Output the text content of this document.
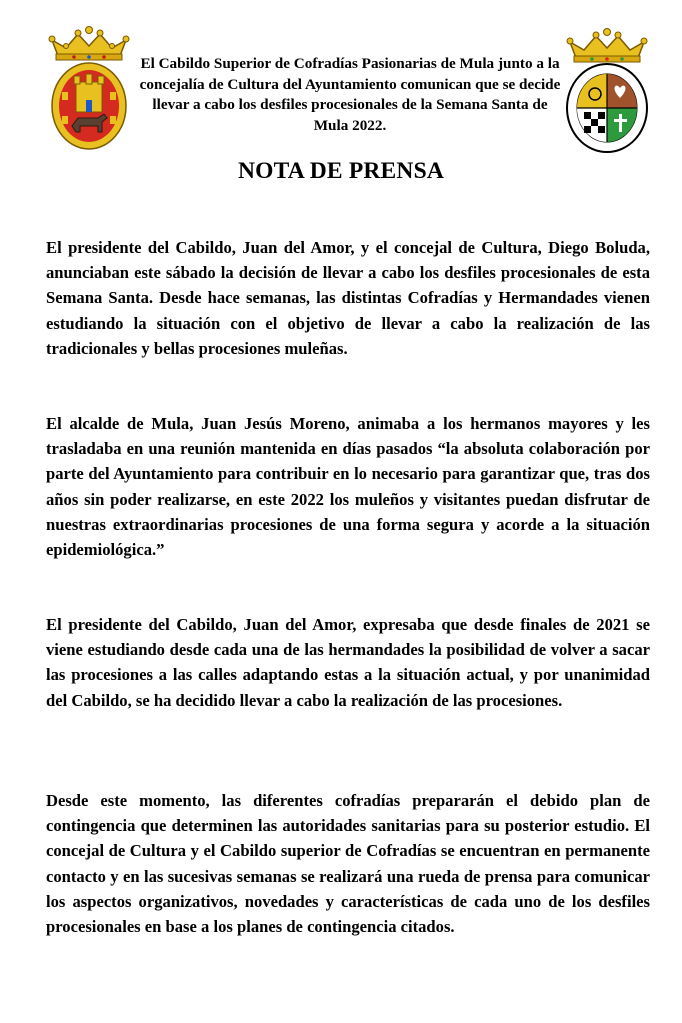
El Cabildo Superior de Cofradías Pasionarias de Mula junto a la concejalía de Cultura del Ayuntamiento comunican que se decide llevar a cabo los desfiles procesionales de la Semana Santa de Mula 2022.
NOTA DE PRENSA

El presidente del Cabildo, Juan del Amor, y el concejal de Cultura, Diego Boluda, anunciaban este sábado la decisión de llevar a cabo los desfiles procesionales de esta Semana Santa. Desde hace semanas, las distintas Cofradías y Hermandades vienen estudiando la situación con el objetivo de llevar a cabo la realización de las tradicionales y bellas procesiones muleñas.

El alcalde de Mula, Juan Jesús Moreno, animaba a los hermanos mayores y les trasladaba en una reunión mantenida en días pasados “la absoluta colaboración por parte del Ayuntamiento para contribuir en lo necesario para garantizar que, tras dos años sin poder realizarse, en este 2022 los muleños y visitantes puedan disfrutar de nuestras extraordinarias procesiones de una forma segura y acorde a la situación epidemiológica.”

El presidente del Cabildo, Juan del Amor, expresaba que desde finales de 2021 se viene estudiando desde cada una de las hermandades la posibilidad de volver a sacar las procesiones a las calles adaptando estas a la situación actual, y por unanimidad del Cabildo, se ha decidido llevar a cabo la realización de las procesiones.

Desde este momento, las diferentes cofradías prepararán el debido plan de contingencia que determinen las autoridades sanitarias para su posterior estudio. El concejal de Cultura y el Cabildo superior de Cofradías se encuentran en permanente contacto y en las sucesivas semanas se realizará una rueda de prensa para comunicar los aspectos organizativos, novedades y características de cada uno de los desfiles procesionales en base a los planes de contingencia citados.
